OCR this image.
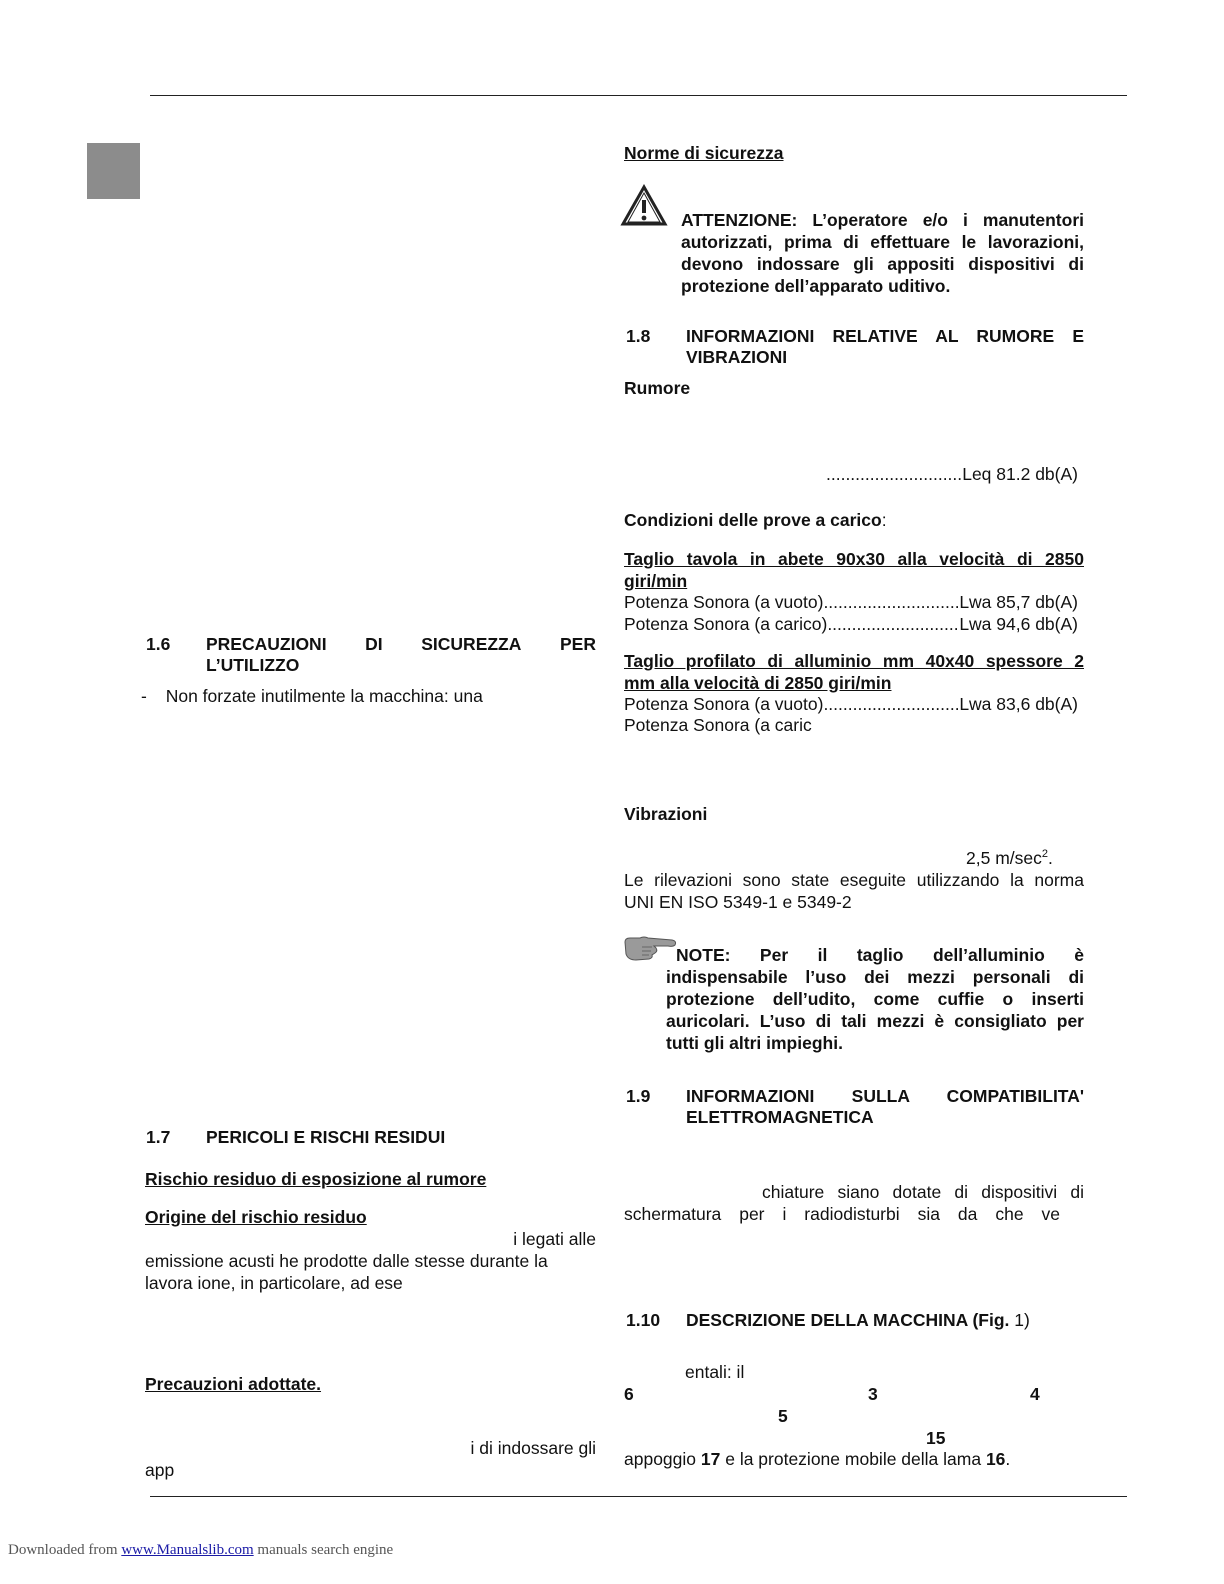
1.6 PRECAUZIONI DI SICUREZZA PER
L’UTILIZZO
- Non forzate inutilmente la macchina: una
1.7 PERICOLI E RISCHI RESIDUI
Rischio residuo di esposizione al rumore
Origine del rischio residuo
i legati alle
emissione acusti he prodotte dalle stesse durante la
lavora ione, in particolare, ad ese
Precauzioni adottate.
i di indossare gli
app
Norme di sicurezza
ATTENZIONE: L’operatore e/o i manutentori
autorizzati, prima di effettuare le lavorazioni,
devono indossare gli appositi dispositivi di
protezione dell’apparato uditivo.
1.8 INFORMAZIONI RELATIVE AL RUMORE E
VIBRAZIONI
Rumore
.....
Leq 81.2 db(A)
Condizioni delle prove a carico:
Taglio tavola in abete 90x30 alla velocità di 2850
giri/min
Potenza Sonora (a vuoto) .....	Lwa 85,7 db(A)
Potenza Sonora (a carico) .....	Lwa 94,6 db(A)
Taglio profilato di alluminio mm 40x40 spessore 2
mm alla velocità di 2850 giri/min
Potenza Sonora (a vuoto) .....	Lwa 83,6 db(A)
Potenza Sonora (a caric
Vibrazioni
2,5 $m/\sec^2$.
Le rilevazioni sono state eseguite utilizzando la norma
UNI EN ISO 5349-1 e 5349-2
NOTE: Per il taglio dell’alluminio è
indispensabile l’uso dei mezzi personali di
protezione dell’udito, come cuffie o inserti
auricolari. L’uso di tali mezzi è consigliato per
tutti gli altri impieghi.
1.9 INFORMAZIONI SULLA COMPATIBILITA'
ELETTROMAGNETICA
chiature siano dotate di dispositivi di
schermatura per i radiodisturbi sia da che ve
1.10 DESCRIZIONE DELLA MACCHINA (Fig. 1)
entali: il
6	3	4
5
15
appoggio 17 e la protezione mobile della lama 16.
Downloaded from www.Manualslib.com manuals search engine
